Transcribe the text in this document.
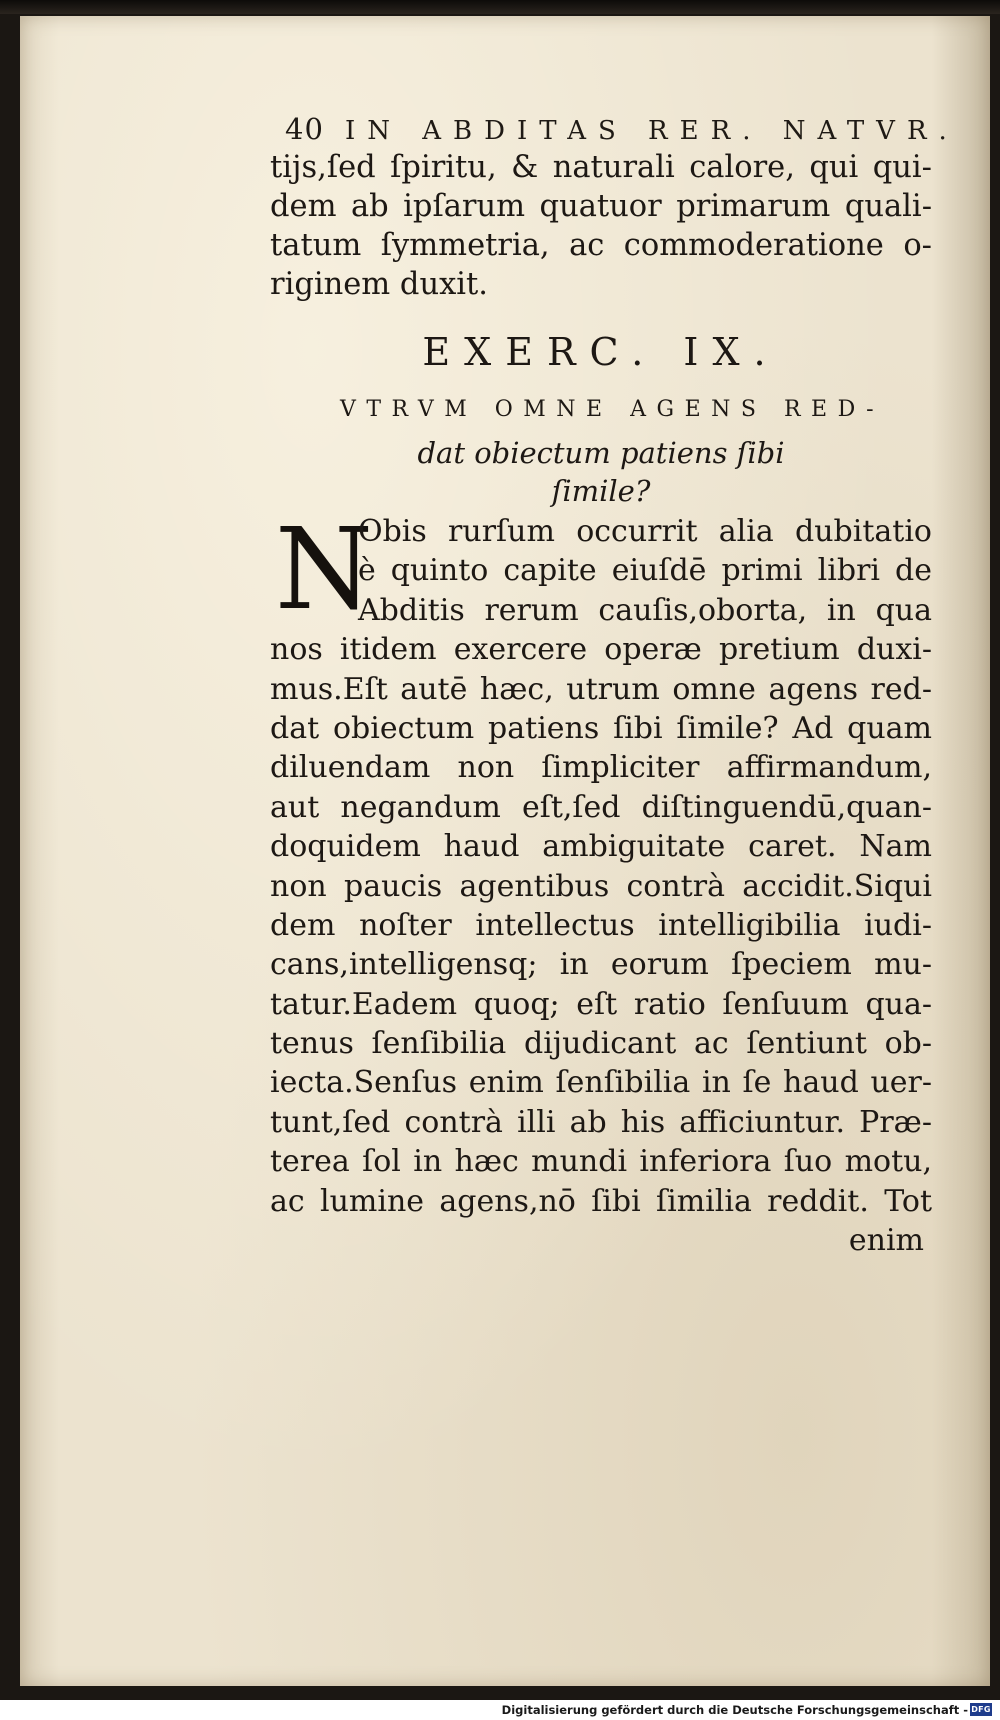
40 IN ABDITAS RER. NATVR.
tijs,ſed ſpiritu, & naturali calore, qui qui-
dem ab ipſarum quatuor primarum quali-
tatum ſymmetria, ac commoderatione o-
riginem duxit.
EXERC. IX.
VTRVM OMNE AGENS RED-
dat obiectum patiens ſibi
ſimile?
N
Obis rurſum occurrit alia dubitatio
è quinto capite eiuſdē primi libri de
Abditis rerum cauſis,oborta, in qua
nos itidem exercere operæ pretium duxi-
mus.Eſt autē hæc, utrum omne agens red-
dat obiectum patiens ſibi ſimile? Ad quam
diluendam non ſimpliciter affirmandum,
aut negandum eſt,ſed diſtinguendū,quan-
doquidem haud ambiguitate caret. Nam
non paucis agentibus contrà accidit.Siqui
dem noſter intellectus intelligibilia iudi-
cans,intelligensq; in eorum ſpeciem mu-
tatur.Eadem quoq; eſt ratio ſenſuum qua-
tenus ſenſibilia dijudicant ac ſentiunt ob-
iecta.Senſus enim ſenſibilia in ſe haud uer-
tunt,ſed contrà illi ab his afficiuntur. Præ-
terea ſol in hæc mundi inferiora ſuo motu,
ac lumine agens,nō ſibi ſimilia reddit. Tot
enim
Digitalisierung gefördert durch die Deutsche Forschungsgemeinschaft - DFG
